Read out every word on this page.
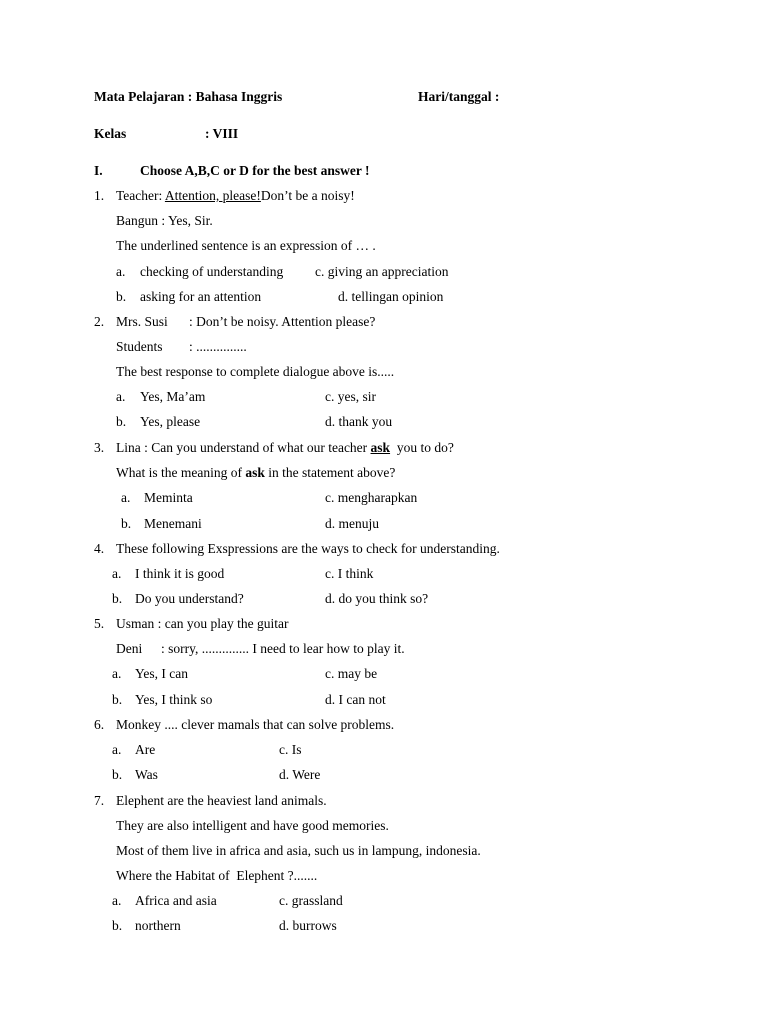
Mata Pelajaran : Bahasa Inggris	Hari/tanggal :
Kelas	: VIII
I.	Choose A,B,C or D for the best answer !
1. Teacher: Attention, please!Don’t be a noisy!
Bangun : Yes, Sir.
The underlined sentence is an expression of … .
a. checking of understanding c. giving an appreciation
b. asking for an attention	d. tellingan opinion
2. Mrs. Susi : Don’t be noisy. Attention please?
Students : ...............
The best response to complete dialogue above is.....
a. Yes, Ma’am	c. yes, sir
b. Yes, please	d. thank you
3. Lina : Can you understand of what our teacher ask  you to do?
What is the meaning of ask in the statement above?
a. Meminta	c. mengharapkan
b. Menemani	d. menuju
4. These following Exspressions are the ways to check for understanding.
a. I think it is good	c. I think
b. Do you understand?	d. do you think so?
5. Usman : can you play the guitar
Deni : sorry, .............. I need to lear how to play it.
a. Yes, I can	c. may be
b. Yes, I think so	d. I can not
6. Monkey .... clever mamals that can solve problems.
a. Are	c. Is
b. Was	d. Were
7. Elephent are the heaviest land animals.
They are also intelligent and have good memories.
Most of them live in africa and asia, such us in lampung, indonesia.
Where the Habitat of  Elephent ?.......
a. Africa and asia	c. grassland
b. northern	d. burrows
